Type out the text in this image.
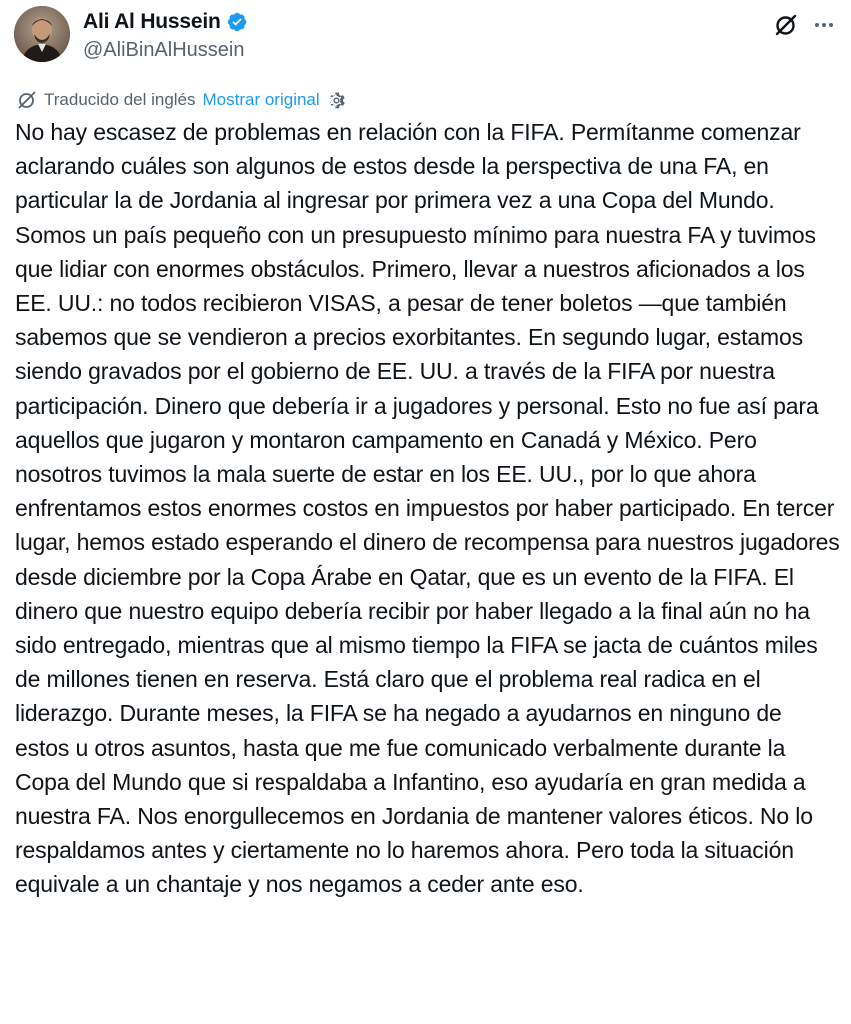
Ali Al Hussein
@AliBinAlHussein
Traducido del inglés Mostrar original

No hay escasez de problemas en relación con la FIFA. Permítanme comenzar aclarando cuáles son algunos de estos desde la perspectiva de una FA, en particular la de Jordania al ingresar por primera vez a una Copa del Mundo.

Somos un país pequeño con un presupuesto mínimo para nuestra FA y tuvimos que lidiar con enormes obstáculos. Primero, llevar a nuestros aficionados a los EE. UU.: no todos recibieron VISAS, a pesar de tener boletos —que también sabemos que se vendieron a precios exorbitantes. En segundo lugar, estamos siendo gravados por el gobierno de EE. UU. a través de la FIFA por nuestra participación. Dinero que debería ir a jugadores y personal. Esto no fue así para aquellos que jugaron y montaron campamento en Canadá y México. Pero nosotros tuvimos la mala suerte de estar en los EE. UU., por lo que ahora enfrentamos estos enormes costos en impuestos por haber participado. En tercer lugar, hemos estado esperando el dinero de recompensa para nuestros jugadores desde diciembre por la Copa Árabe en Qatar, que es un evento de la FIFA. El dinero que nuestro equipo debería recibir por haber llegado a la final aún no ha sido entregado, mientras que al mismo tiempo la FIFA se jacta de cuántos miles de millones tienen en reserva. Está claro que el problema real radica en el liderazgo. Durante meses, la FIFA se ha negado a ayudarnos en ninguno de estos u otros asuntos, hasta que me fue comunicado verbalmente durante la Copa del Mundo que si respaldaba a Infantino, eso ayudaría en gran medida a nuestra FA. Nos enorgullecemos en Jordania de mantener valores éticos. No lo respaldamos antes y ciertamente no lo haremos ahora. Pero toda la situación equivale a un chantaje y nos negamos a ceder ante eso.
